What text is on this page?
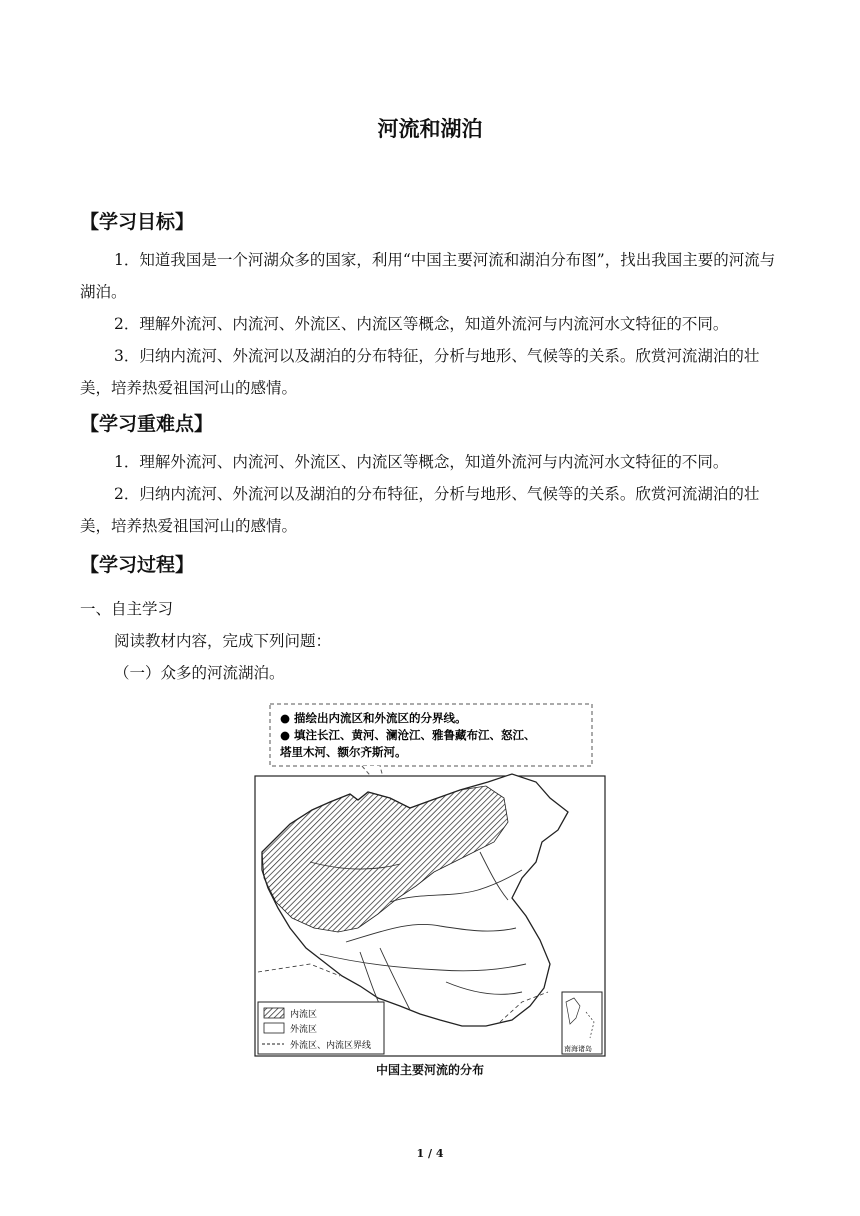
河流和湖泊
【学习目标】
1．知道我国是一个河湖众多的国家，利用“中国主要河流和湖泊分布图”，找出我国主要的河流与湖泊。
2．理解外流河、内流河、外流区、内流区等概念，知道外流河与内流河水文特征的不同。
3．归纳内流河、外流河以及湖泊的分布特征，分析与地形、气候等的关系。欣赏河流湖泊的壮美，培养热爱祖国河山的感情。
【学习重难点】
1．理解外流河、内流河、外流区、内流区等概念，知道外流河与内流河水文特征的不同。
2．归纳内流河、外流河以及湖泊的分布特征，分析与地形、气候等的关系。欣赏河流湖泊的壮美，培养热爱祖国河山的感情。
【学习过程】
一、自主学习
阅读教材内容，完成下列问题：
（一）众多的河流湖泊。
● 描绘出内流区和外流区的分界线。
● 填注长江、黄河、澜沧江、雅鲁藏布江、怒江、
塔里木河、额尔齐斯河。
内流区
外流区
外流区、内流区界线	南海诸岛
中国主要河流的分布
1 / 4
